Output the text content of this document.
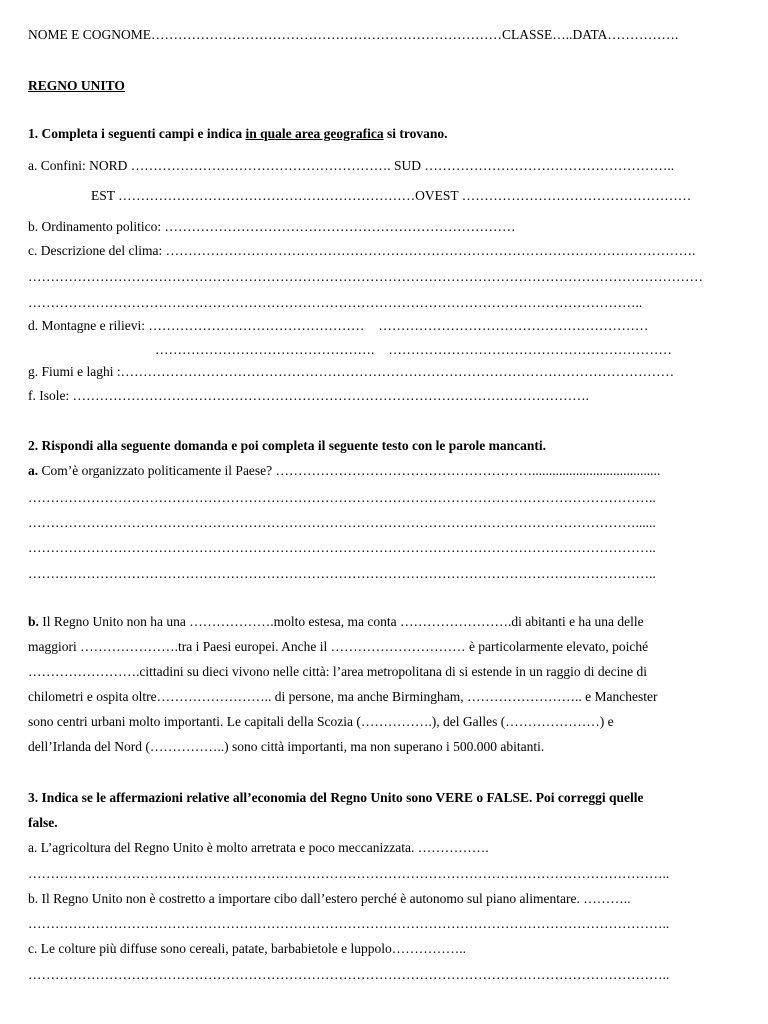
NOME E COGNOME……………………………………………………………………CLASSE…..DATA…………….
REGNO UNITO
1. Completa i seguenti campi e indica in quale area geografica si trovano.
a. Confini: NORD …………………………………………………. SUD ………………………………………………..
EST …………………………………………………………OVEST ……………………………………………
b. Ordinamento politico: ……………………………………………………………………
c. Descrizione del clima: ……………………………………………………………………………………………………….
……………………………………………………………………………………………………………………………………
………………………………………………………………………………………………………………………..
d. Montagne e rilievi: ………………………………………… ……………………………………………………
…………………………………………. ………………………………………………………
g. Fiumi e laghi :……………………………………………………………………………………………………………
f. Isole: …………………………………………………………………………………………………….
2. Rispondi alla seguente domanda e poi completa il seguente testo con le parole mancanti.
a. Com’è organizzato politicamente il Paese? …………………………………………………......................................
…………………………………………………………………………………………………………………………..
………………………………………………………………………………………………………………………......
…………………………………………………………………………………………………………………………..
…………………………………………………………………………………………………………………………..
b. Il Regno Unito non ha una ……………….molto estesa, ma conta …………………….di abitanti e ha una delle
maggiori ………………….tra i Paesi europei. Anche il ………………………… è particolarmente elevato, poiché
…………………….cittadini su dieci vivono nelle città: l’area metropolitana di si estende in un raggio di decine di
chilometri e ospita oltre…………………….. di persone, ma anche Birmingham, …………………….. e Manchester
sono centri urbani molto importanti. Le capitali della Scozia (…………….), del Galles (…………………) e
dell’Irlanda del Nord (……………..) sono città importanti, ma non superano i 500.000 abitanti.
3. Indica se le affermazioni relative all’economia del Regno Unito sono VERE o FALSE. Poi correggi quelle
false.
a. L’agricoltura del Regno Unito è molto arretrata e poco meccanizzata. …………….
……………………………………………………………………………………………………………………………..
b. Il Regno Unito non è costretto a importare cibo dall’estero perché è autonomo sul piano alimentare. ………..
……………………………………………………………………………………………………………………………..
c. Le colture più diffuse sono cereali, patate, barbabietole e luppolo……………..
……………………………………………………………………………………………………………………………..
